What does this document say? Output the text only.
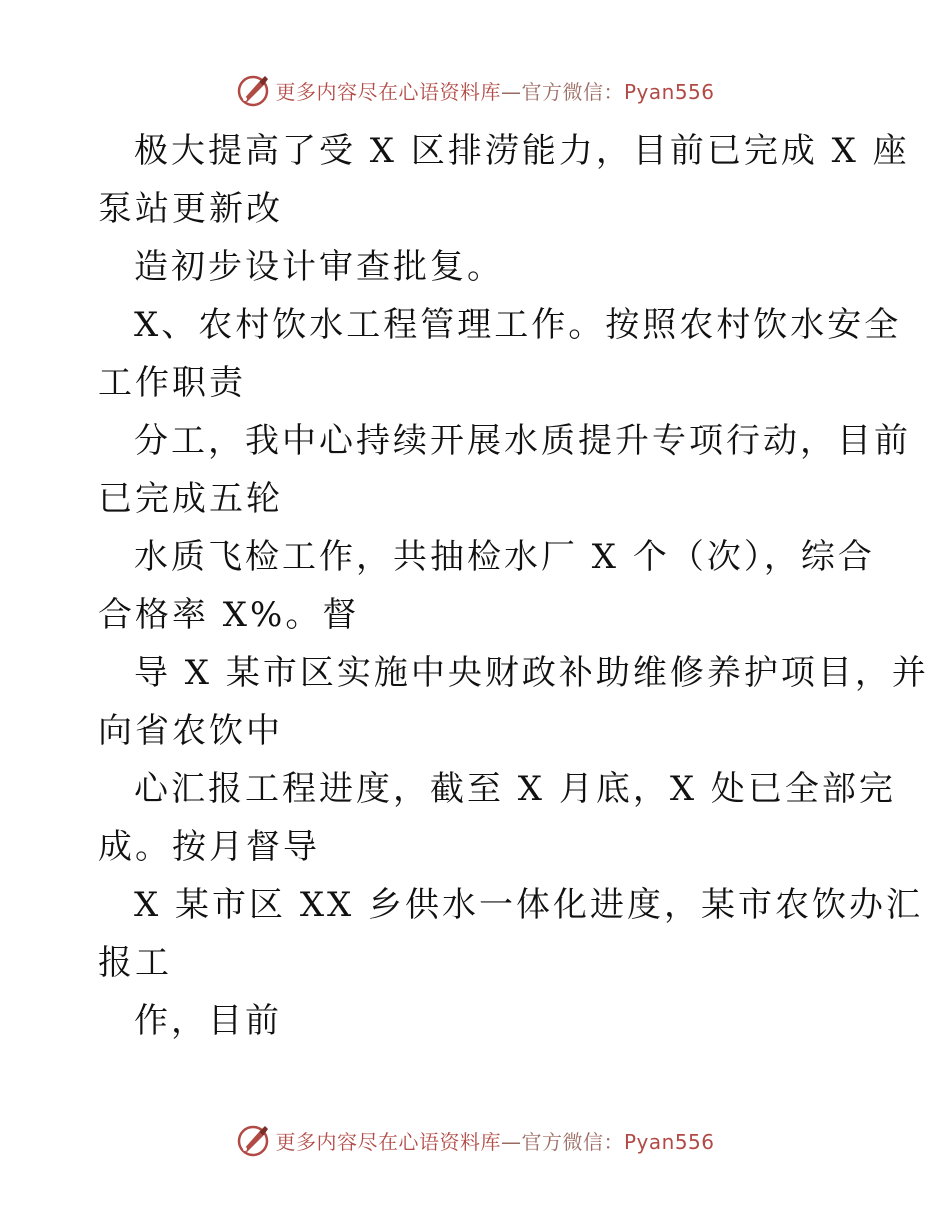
更多内容尽在心语资料库—官方微信：Pyan556
极大提高了受 X 区排涝能力，目前已完成 X 座
泵站更新改
造初步设计审查批复。
X、农村饮水工程管理工作。按照农村饮水安全
工作职责
分工，我中心持续开展水质提升专项行动，目前
已完成五轮
水质飞检工作，共抽检水厂 X 个（次），综合
合格率 X%。督
导 X 某市区实施中央财政补助维修养护项目，并
向省农饮中
心汇报工程进度，截至 X 月底，X 处已全部完
成。按月督导
X 某市区 XX 乡供水一体化进度，某市农饮办汇
报工
作，目前
更多内容尽在心语资料库—官方微信：Pyan556
